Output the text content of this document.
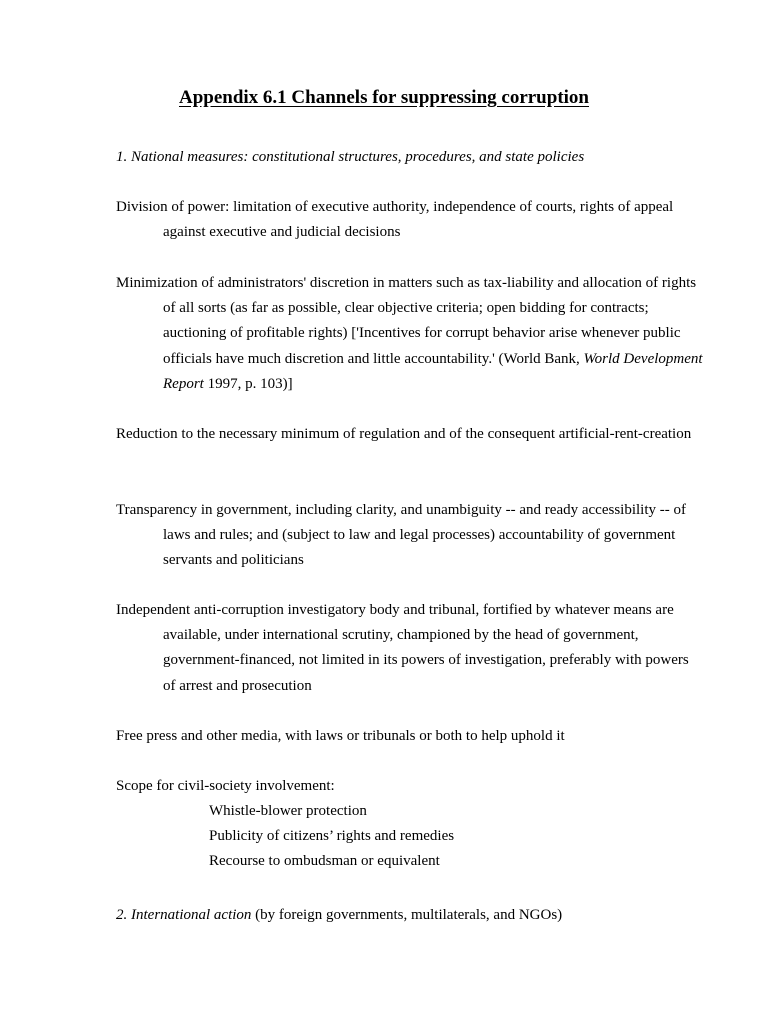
Appendix 6.1 Channels for suppressing corruption

1. National measures: constitutional structures, procedures, and state policies

Division of power: limitation of executive authority, independence of courts, rights of appeal against executive and judicial decisions

Minimization of administrators' discretion in matters such as tax-liability and allocation of rights of all sorts (as far as possible, clear objective criteria; open bidding for contracts; auctioning of profitable rights) ['Incentives for corrupt behavior arise whenever public officials have much discretion and little accountability.' (World Bank, World Development Report 1997, p. 103)]

Reduction to the necessary minimum of regulation and of the consequent artificial-rent-creation

Transparency in government, including clarity, and unambiguity -- and ready accessibility -- of laws and rules; and (subject to law and legal processes) accountability of government servants and politicians

Independent anti-corruption investigatory body and tribunal, fortified by whatever means are available, under international scrutiny, championed by the head of government, government-financed, not limited in its powers of investigation, preferably with powers of arrest and prosecution

Free press and other media, with laws or tribunals or both to help uphold it

Scope for civil-society involvement:

Whistle-blower protection
Publicity of citizens’ rights and remedies
Recourse to ombudsman or equivalent

2. International action (by foreign governments, multilaterals, and NGOs)
